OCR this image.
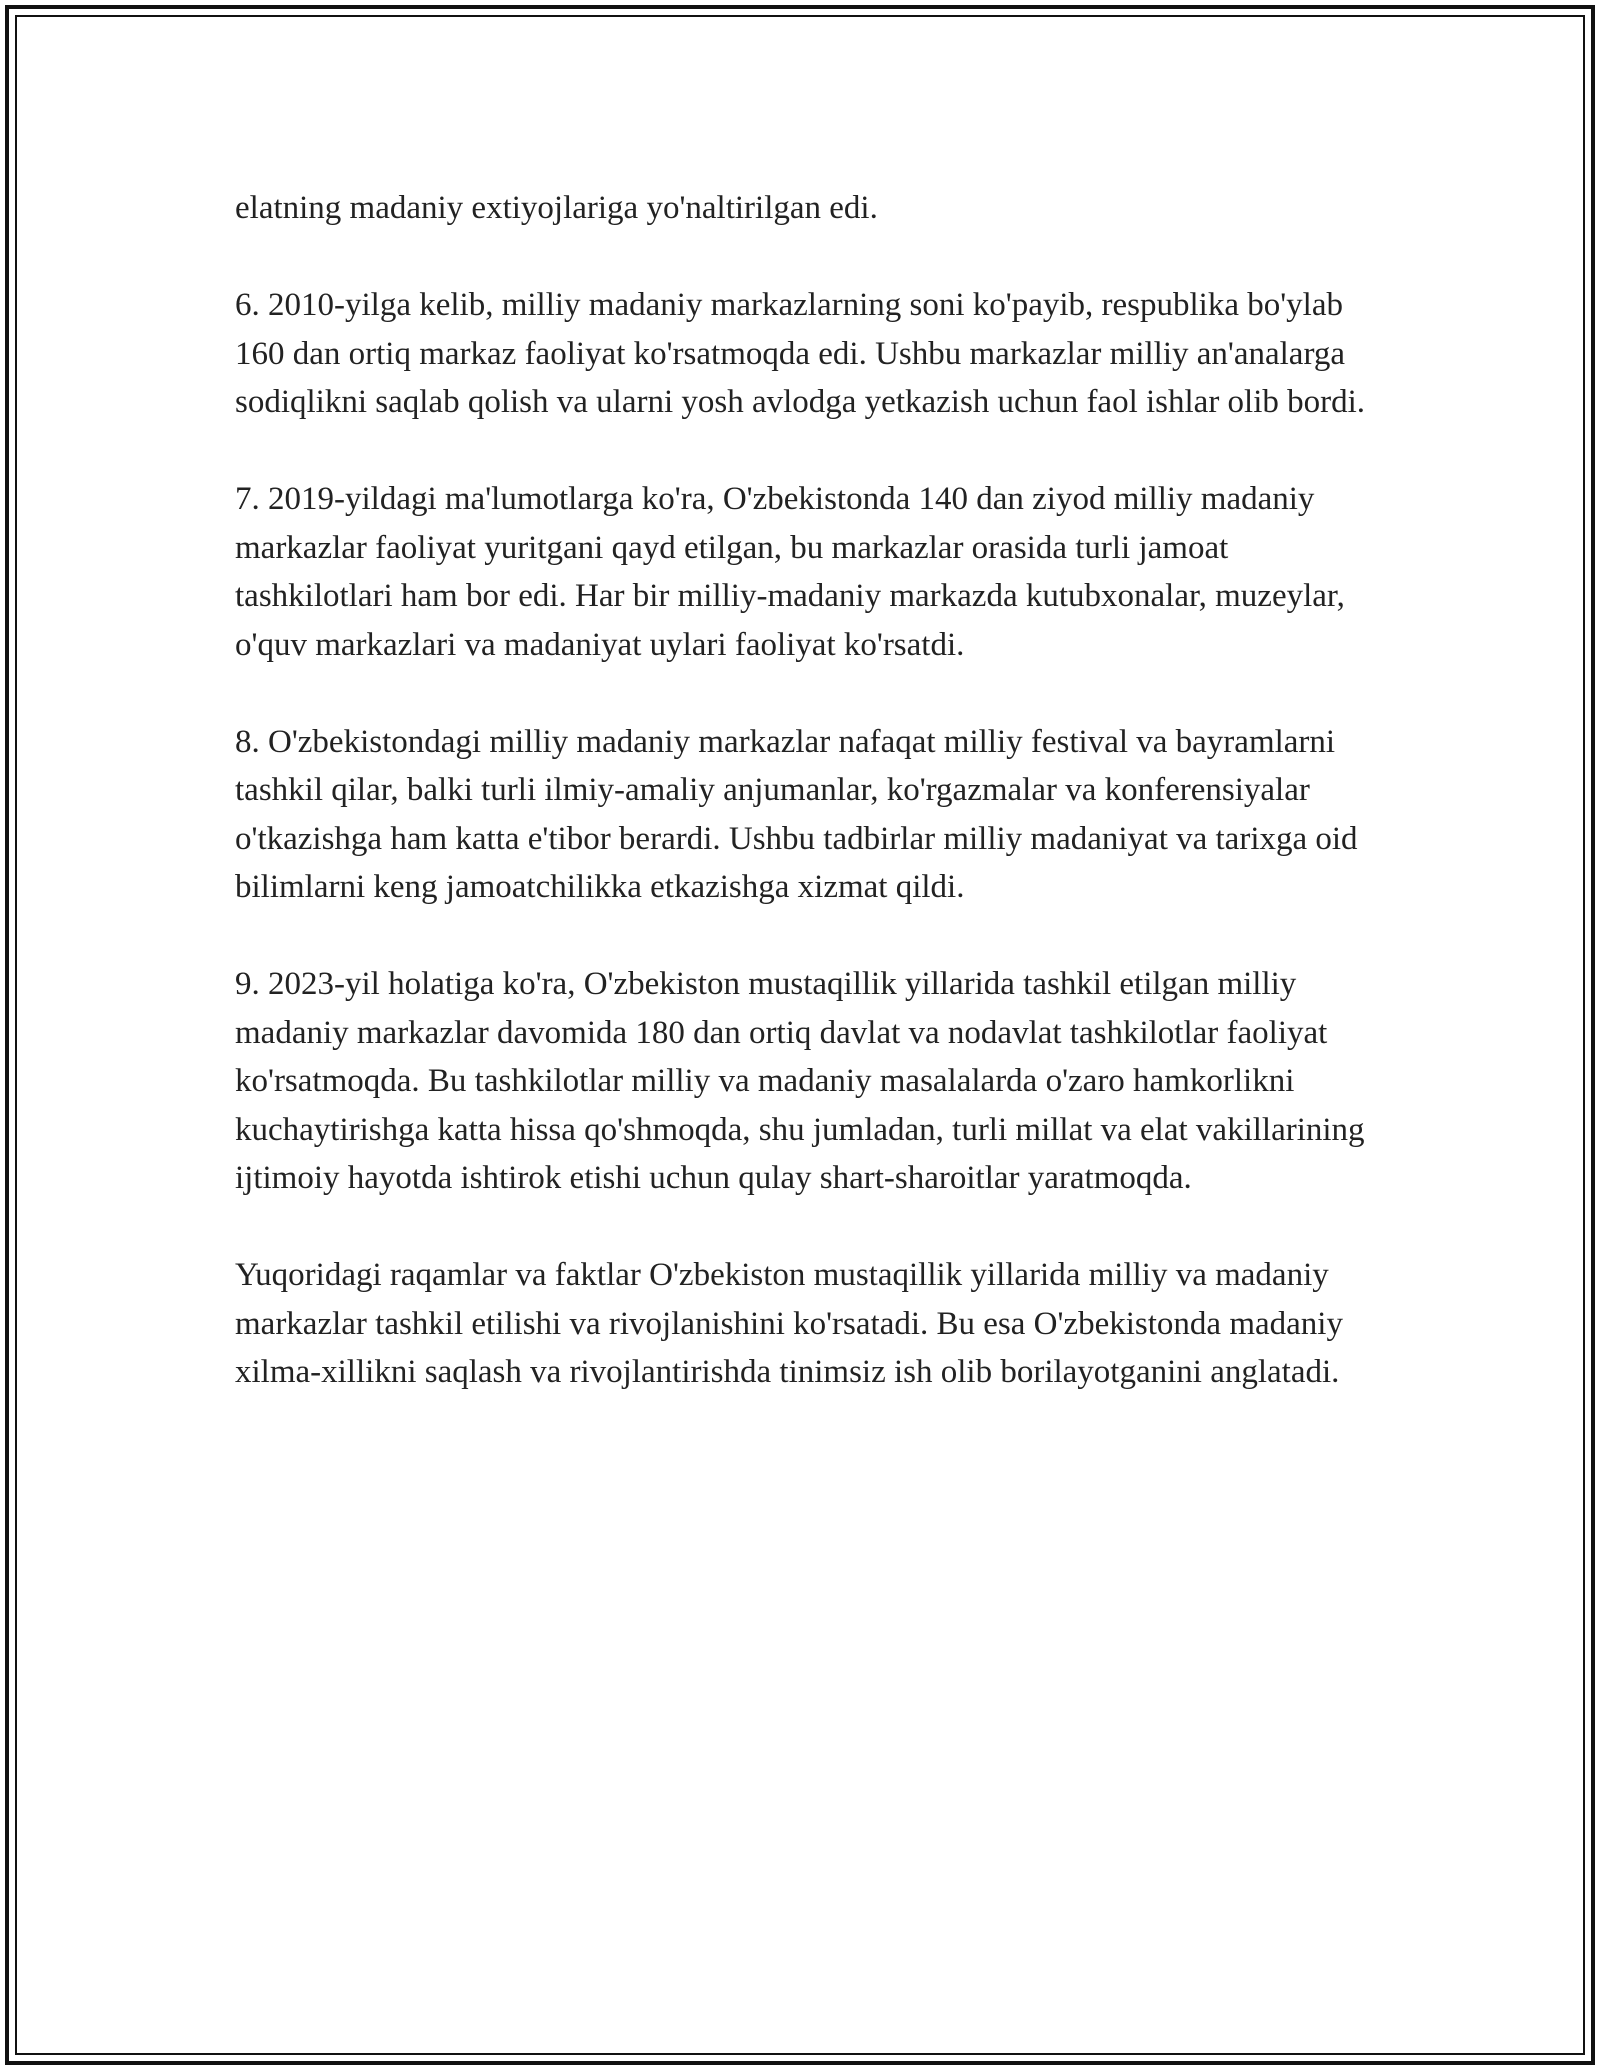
elatning madaniy extiyojlariga yo'naltirilgan edi.

6. 2010-yilga kelib, milliy madaniy markazlarning soni ko'payib, respublika bo'ylab 160 dan ortiq markaz faoliyat ko'rsatmoqda edi. Ushbu markazlar milliy an'analarga sodiqlikni saqlab qolish va ularni yosh avlodga yetkazish uchun faol ishlar olib bordi.

7. 2019-yildagi ma'lumotlarga ko'ra, O'zbekistonda 140 dan ziyod milliy madaniy markazlar faoliyat yuritgani qayd etilgan, bu markazlar orasida turli jamoat tashkilotlari ham bor edi. Har bir milliy-madaniy markazda kutubxonalar, muzeylar, o'quv markazlari va madaniyat uylari faoliyat ko'rsatdi.

8. O'zbekistondagi milliy madaniy markazlar nafaqat milliy festival va bayramlarni tashkil qilar, balki turli ilmiy-amaliy anjumanlar, ko'rgazmalar va konferensiyalar o'tkazishga ham katta e'tibor berardi. Ushbu tadbirlar milliy madaniyat va tarixga oid bilimlarni keng jamoatchilikka etkazishga xizmat qildi.

9. 2023-yil holatiga ko'ra, O'zbekiston mustaqillik yillarida tashkil etilgan milliy madaniy markazlar davomida 180 dan ortiq davlat va nodavlat tashkilotlar faoliyat ko'rsatmoqda. Bu tashkilotlar milliy va madaniy masalalarda o'zaro hamkorlikni kuchaytirishga katta hissa qo'shmoqda, shu jumladan, turli millat va elat vakillarining ijtimoiy hayotda ishtirok etishi uchun qulay shart-sharoitlar yaratmoqda.

Yuqoridagi raqamlar va faktlar O'zbekiston mustaqillik yillarida milliy va madaniy markazlar tashkil etilishi va rivojlanishini ko'rsatadi. Bu esa O'zbekistonda madaniy xilma-xillikni saqlash va rivojlantirishda tinimsiz ish olib borilayotganini anglatadi.
